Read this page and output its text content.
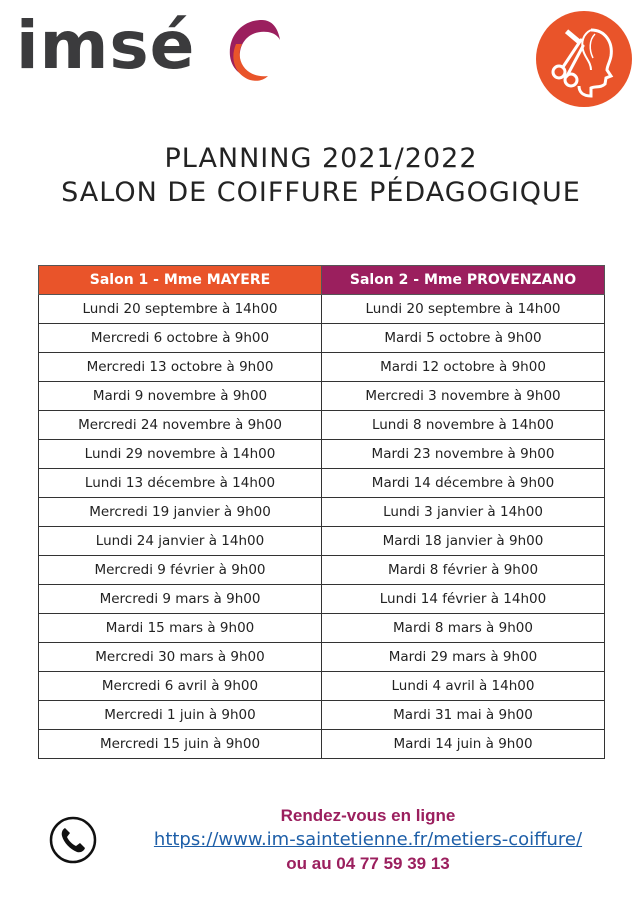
imsé
PLANNING 2021/2022
SALON DE COIFFURE PÉDAGOGIQUE
Salon 1 - Mme MAYERE	Salon 2 - Mme PROVENZANO
Lundi 20 septembre à 14h00	Lundi 20 septembre à 14h00
Mercredi 6 octobre à 9h00	Mardi 5 octobre à 9h00
Mercredi 13 octobre à 9h00	Mardi 12 octobre à 9h00
Mardi 9 novembre à 9h00	Mercredi 3 novembre à 9h00
Mercredi 24 novembre à 9h00	Lundi 8 novembre à 14h00
Lundi 29 novembre à 14h00	Mardi 23 novembre à 9h00
Lundi 13 décembre à 14h00	Mardi 14 décembre à 9h00
Mercredi 19 janvier à 9h00	Lundi 3 janvier à 14h00
Lundi 24 janvier à 14h00	Mardi 18 janvier à 9h00
Mercredi 9 février à 9h00	Mardi 8 février à 9h00
Mercredi 9 mars à 9h00	Lundi 14 février à 14h00
Mardi 15 mars à 9h00	Mardi 8 mars à 9h00
Mercredi 30 mars à 9h00	Mardi 29 mars à 9h00
Mercredi 6 avril à 9h00	Lundi 4 avril à 14h00
Mercredi 1 juin à 9h00	Mardi 31 mai à 9h00
Mercredi 15 juin à 9h00	Mardi 14 juin à 9h00
Rendez-vous en ligne
https://www.im-saintetienne.fr/metiers-coiffure/
ou au 04 77 59 39 13
